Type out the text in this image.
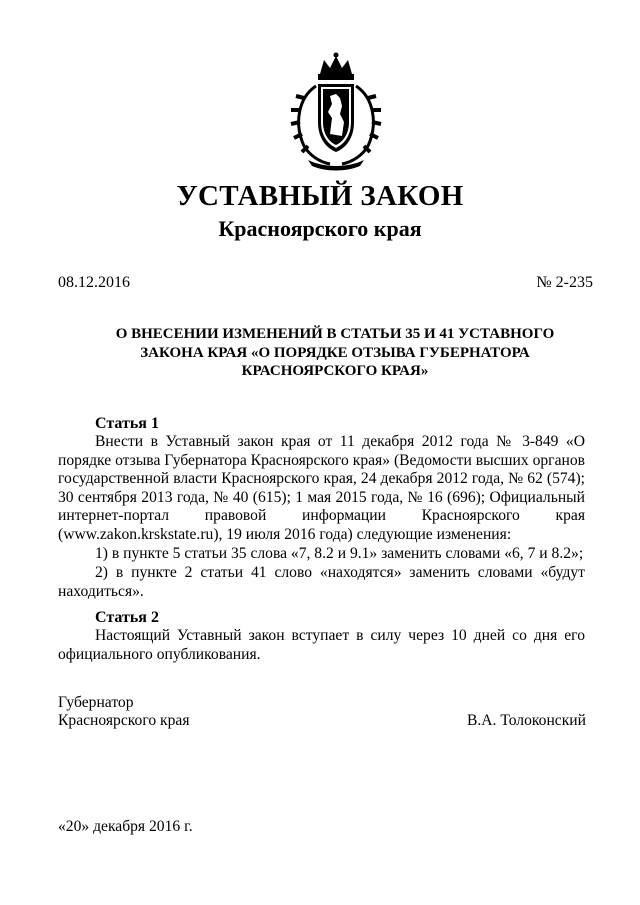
УСТАВНЫЙ ЗАКОН
Красноярского края
08.12.2016	№ 2-235
О ВНЕСЕНИИ ИЗМЕНЕНИЙ В СТАТЬИ 35 И 41 УСТАВНОГО
ЗАКОНА КРАЯ «О ПОРЯДКЕ ОТЗЫВА ГУБЕРНАТОРА
КРАСНОЯРСКОГО КРАЯ»
Статья 1
Внести в Уставный закон края от 11 декабря 2012 года № 3-849 «О порядке отзыва Губернатора Красноярского края» (Ведомости высших органов государственной власти Красноярского края, 24 декабря 2012 года, № 62 (574); 30 сентября 2013 года, № 40 (615); 1 мая 2015 года, № 16 (696); Официальный интернет-портал правовой информации Красноярского края (www.zakon.krskstate.ru), 19 июля 2016 года) следующие изменения:
1) в пункте 5 статьи 35 слова «7, 8.2 и 9.1» заменить словами «6, 7 и 8.2»;
2) в пункте 2 статьи 41 слово «находятся» заменить словами «будут находиться».
Статья 2
Настоящий Уставный закон вступает в силу через 10 дней со дня его официального опубликования.
Губернатор
Красноярского края	В.А. Толоконский
«20» декабря 2016 г.
